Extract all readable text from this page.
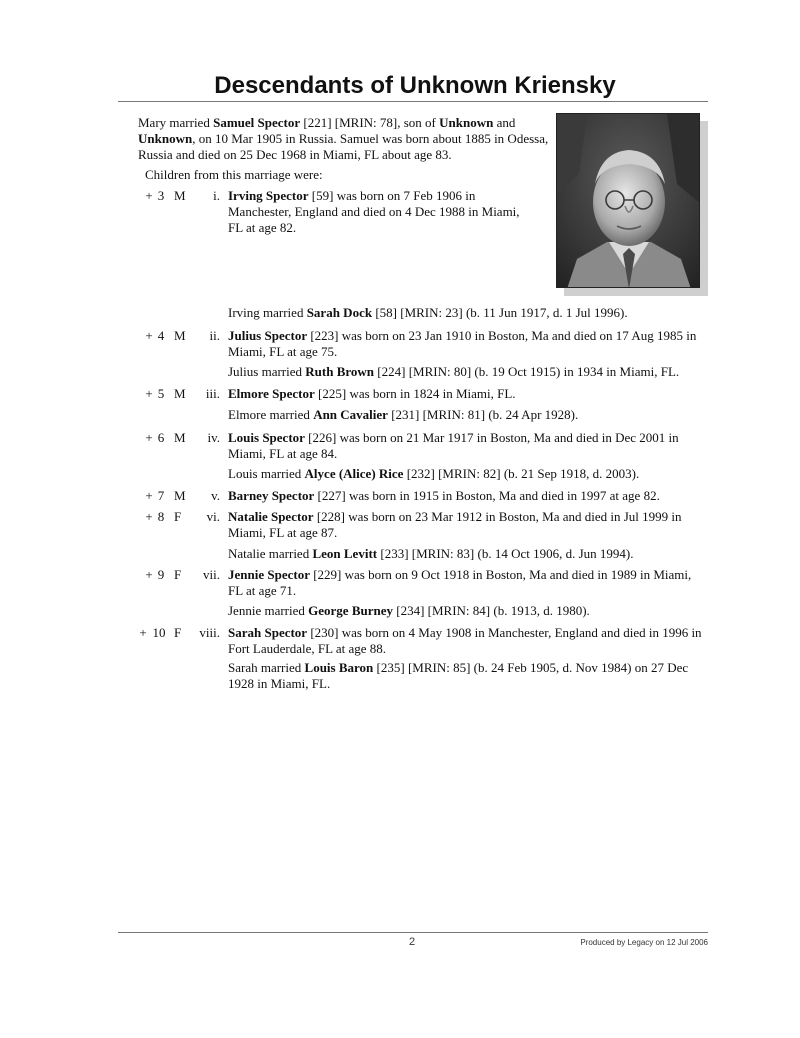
Descendants of Unknown Kriensky
Mary married Samuel Spector [221] [MRIN: 78], son of Unknown and Unknown, on 10 Mar 1905 in Russia. Samuel was born about 1885 in Odessa, Russia and died on 25 Dec 1968 in Miami, FL about age 83.
Children from this marriage were:
+ 3 M i. Irving Spector [59] was born on 7 Feb 1906 in Manchester, England and died on 4 Dec 1988 in Miami, FL at age 82.
Irving married Sarah Dock [58] [MRIN: 23] (b. 11 Jun 1917, d. 1 Jul 1996).
+ 4 M ii. Julius Spector [223] was born on 23 Jan 1910 in Boston, Ma and died on 17 Aug 1985 in Miami, FL at age 75.
Julius married Ruth Brown [224] [MRIN: 80] (b. 19 Oct 1915) in 1934 in Miami, FL.
+ 5 M iii. Elmore Spector [225] was born in 1824 in Miami, FL.
Elmore married Ann Cavalier [231] [MRIN: 81] (b. 24 Apr 1928).
+ 6 M iv. Louis Spector [226] was born on 21 Mar 1917 in Boston, Ma and died in Dec 2001 in Miami, FL at age 84.
Louis married Alyce (Alice) Rice [232] [MRIN: 82] (b. 21 Sep 1918, d. 2003).
+ 7 M v. Barney Spector [227] was born in 1915 in Boston, Ma and died in 1997 at age 82.
+ 8 F vi. Natalie Spector [228] was born on 23 Mar 1912 in Boston, Ma and died in Jul 1999 in Miami, FL at age 87.
Natalie married Leon Levitt [233] [MRIN: 83] (b. 14 Oct 1906, d. Jun 1994).
+ 9 F vii. Jennie Spector [229] was born on 9 Oct 1918 in Boston, Ma and died in 1989 in Miami, FL at age 71.
Jennie married George Burney [234] [MRIN: 84] (b. 1913, d. 1980).
+ 10 F viii. Sarah Spector [230] was born on 4 May 1908 in Manchester, England and died in 1996 in Fort Lauderdale, FL at age 88.
Sarah married Louis Baron [235] [MRIN: 85] (b. 24 Feb 1905, d. Nov 1984) on 27 Dec 1928 in Miami, FL.
2	Produced by Legacy on 12 Jul 2006
